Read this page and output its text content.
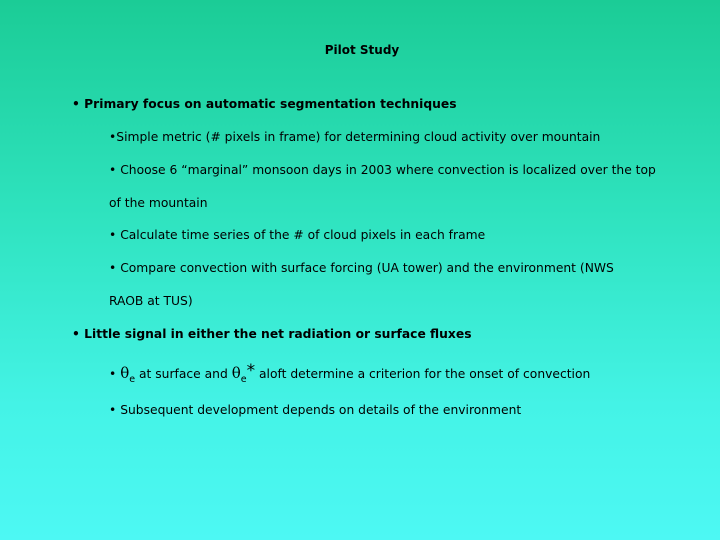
Pilot Study
• Primary focus on automatic segmentation techniques
•Simple metric (# pixels in frame) for determining cloud activity over mountain
• Choose 6 “marginal” monsoon days in 2003 where convection is localized over the top
of the mountain
• Calculate time series of the # of cloud pixels in each frame
• Compare convection with surface forcing (UA tower) and the environment (NWS
RAOB at TUS)
• Little signal in either the net radiation or surface fluxes
• $\theta_e$ at surface and $\theta_e*$ aloft determine a criterion for the onset of convection
• Subsequent development depends on details of the environment
